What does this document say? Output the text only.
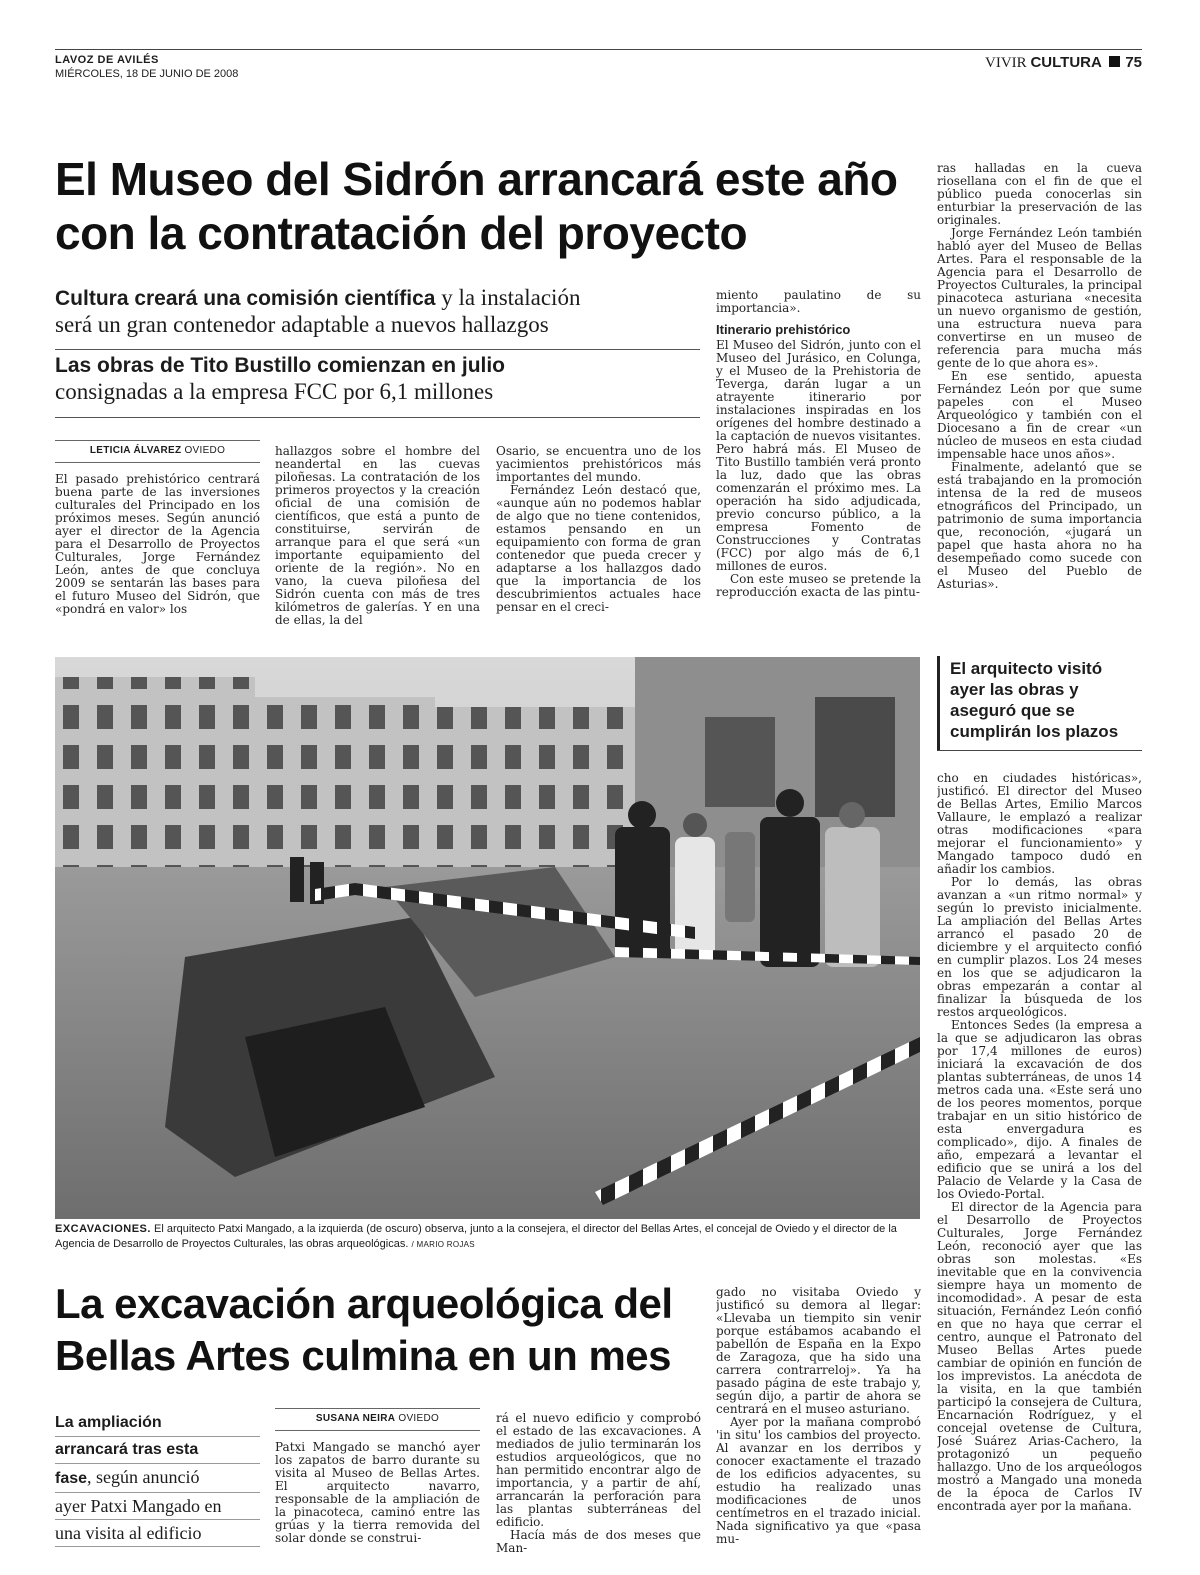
LAVOZ DE AVILÉS
MIÉRCOLES, 18 DE JUNIO DE 2008
VIVIR CULTURA 75
El Museo del Sidrón arrancará este año con la contratación del proyecto
Cultura creará una comisión científica y la instalación
será un gran contenedor adaptable a nuevos hallazgos
Las obras de Tito Bustillo comienzan en julio
consignadas a la empresa FCC por 6,1 millones
LETICIA ÁLVAREZ OVIEDO

El pasado prehistórico centrará buena parte de las inversiones culturales del Principado en los próximos meses. Según anunció ayer el director de la Agencia para el Desarrollo de Proyectos Culturales, Jorge Fernández León, antes de que concluya 2009 se sentarán las bases para el futuro Museo del Sidrón, que «pondrá en valor» los

hallazgos sobre el hombre del neandertal en las cuevas piloñesas. La contratación de los primeros proyectos y la creación oficial de una comisión de científicos, que está a punto de constituirse, servirán de arranque para el que será «un importante equipamiento del oriente de la región». No en vano, la cueva piloñesa del Sidrón cuenta con más de tres kilómetros de galerías. Y en una de ellas, la del

Osario, se encuentra uno de los yacimientos prehistóricos más importantes del mundo.

Fernández León destacó que, «aunque aún no podemos hablar de algo que no tiene contenidos, estamos pensando en un equipamiento con forma de gran contenedor que pueda crecer y adaptarse a los hallazgos dado que la importancia de los descubrimientos actuales hace pensar en el creci-

miento paulatino de su importancia».

Itinerario prehistórico

El Museo del Sidrón, junto con el Museo del Jurásico, en Colunga, y el Museo de la Prehistoria de Teverga, darán lugar a un atrayente itinerario por instalaciones inspiradas en los orígenes del hombre destinado a la captación de nuevos visitantes. Pero habrá más. El Museo de Tito Bustillo también verá pronto la luz, dado que las obras comenzarán el próximo mes. La operación ha sido adjudicada, previo concurso público, a la empresa Fomento de Construcciones y Contratas (FCC) por algo más de 6,1 millones de euros.

Con este museo se pretende la reproducción exacta de las pintu-

ras halladas en la cueva riosellana con el fin de que el público pueda conocerlas sin enturbiar la preservación de las originales.

Jorge Fernández León también habló ayer del Museo de Bellas Artes. Para el responsable de la Agencia para el Desarrollo de Proyectos Culturales, la principal pinacoteca asturiana «necesita un nuevo organismo de gestión, una estructura nueva para convertirse en un museo de referencia para mucha más gente de lo que ahora es».

En ese sentido, apuesta Fernández León por que sume papeles con el Museo Arqueológico y también con el Diocesano a fin de crear «un núcleo de museos en esta ciudad impensable hace unos años».

Finalmente, adelantó que se está trabajando en la promoción intensa de la red de museos etnográficos del Principado, un patrimonio de suma importancia que, reconoción, «jugará un papel que hasta ahora no ha desempeñado como sucede con el Museo del Pueblo de Asturias».

EXCAVACIONES. El arquitecto Patxi Mangado, a la izquierda (de oscuro) observa, junto a la consejera, el director del Bellas Artes, el concejal de Oviedo y el director de la Agencia de Desarrollo de Proyectos Culturales, las obras arqueológicas. / MARIO ROJAS
El arquitecto visitó ayer las obras y aseguró que se cumplirán los plazos

cho en ciudades históricas», justificó. El director del Museo de Bellas Artes, Emilio Marcos Vallaure, le emplazó a realizar otras modificaciones «para mejorar el funcionamiento» y Mangado tampoco dudó en añadir los cambios.

Por lo demás, las obras avanzan a «un ritmo normal» y según lo previsto inicialmente. La ampliación del Bellas Artes arrancó el pasado 20 de diciembre y el arquitecto confió en cumplir plazos. Los 24 meses en los que se adjudicaron la obras empezarán a contar al finalizar la búsqueda de los restos arqueológicos.

Entonces Sedes (la empresa a la que se adjudicaron las obras por 17,4 millones de euros) iniciará la excavación de dos plantas subterráneas, de unos 14 metros cada una. «Este será uno de los peores momentos, porque trabajar en un sitio histórico de esta envergadura es complicado», dijo. A finales de año, empezará a levantar el edificio que se unirá a los del Palacio de Velarde y la Casa de los Oviedo-Portal.

El director de la Agencia para el Desarrollo de Proyectos Culturales, Jorge Fernández León, reconoció ayer que las obras son molestas. «Es inevitable que en la convivencia siempre haya un momento de incomodidad». A pesar de esta situación, Fernández León confió en que no haya que cerrar el centro, aunque el Patronato del Museo Bellas Artes puede cambiar de opinión en función de los imprevistos. La anécdota de la visita, en la que también participó la consejera de Cultura, Encarnación Rodríguez, y el concejal ovetense de Cultura, José Suárez Arias-Cachero, la protagonizó un pequeño hallazgo. Uno de los arqueólogos mostró a Mangado una moneda de la época de Carlos IV encontrada ayer por la mañana.

La excavación arqueológica del Bellas Artes culmina en un mes
La ampliación
arrancará tras esta
fase, según anunció
ayer Patxi Mangado en
una visita al edificio
SUSANA NEIRA OVIEDO

Patxi Mangado se manchó ayer los zapatos de barro durante su visita al Museo de Bellas Artes. El arquitecto navarro, responsable de la ampliación de la pinacoteca, caminó entre las grúas y la tierra removida del solar donde se construi-

rá el nuevo edificio y comprobó el estado de las excavaciones. A mediados de julio terminarán los estudios arqueológicos, que no han permitido encontrar algo de importancia, y a partir de ahí, arrancarán la perforación para las plantas subterráneas del edificio.

Hacía más de dos meses que Man-

gado no visitaba Oviedo y justificó su demora al llegar: «Llevaba un tiempito sin venir porque estábamos acabando el pabellón de España en la Expo de Zaragoza, que ha sido una carrera contrarreloj». Ya ha pasado página de este trabajo y, según dijo, a partir de ahora se centrará en el museo asturiano.

Ayer por la mañana comprobó 'in situ' los cambios del proyecto. Al avanzar en los derribos y conocer exactamente el trazado de los edificios adyacentes, su estudio ha realizado unas modificaciones de unos centímetros en el trazado inicial. Nada significativo ya que «pasa mu-
